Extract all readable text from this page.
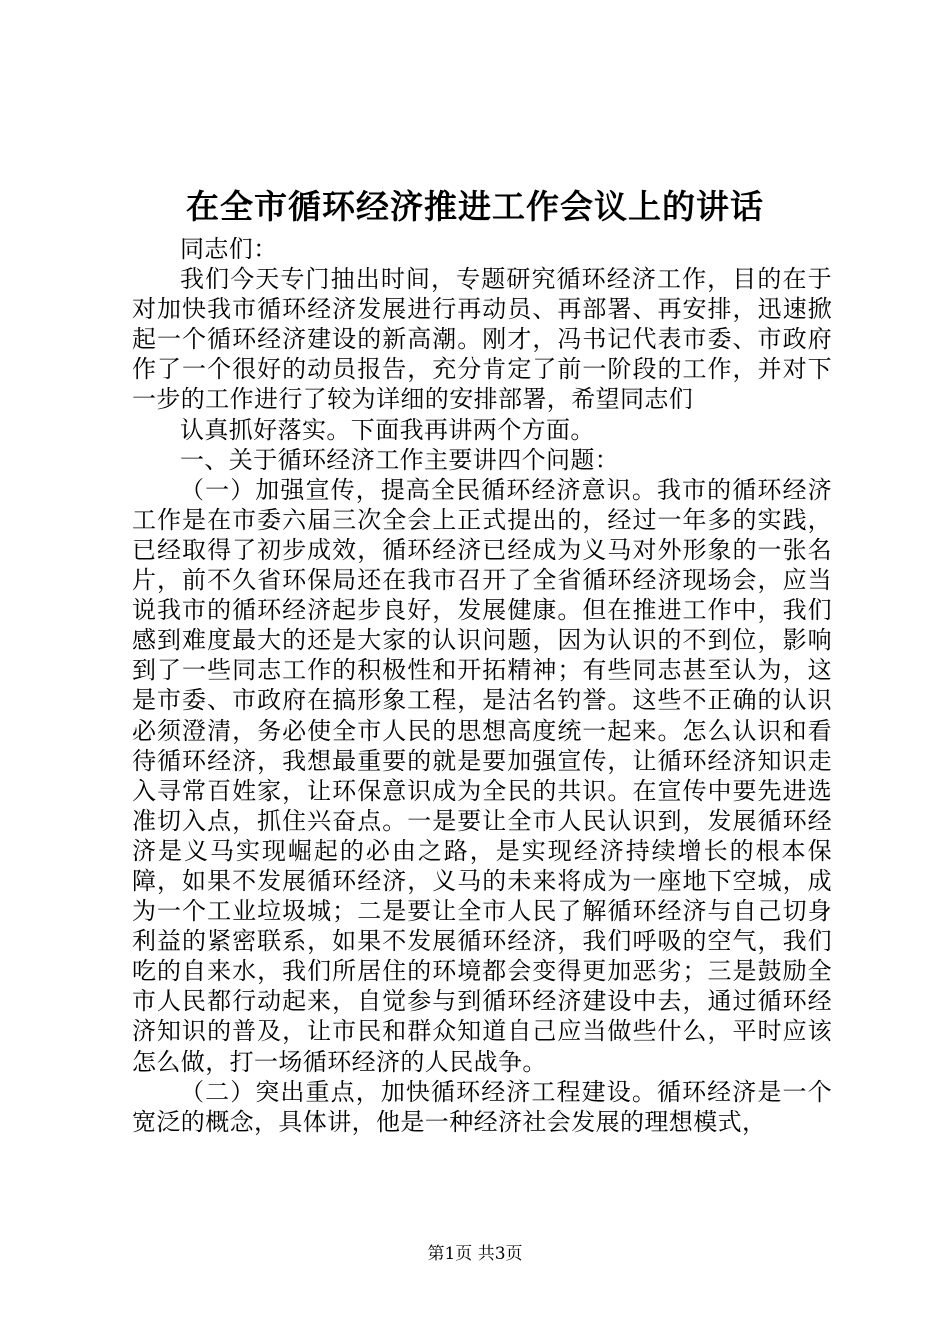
在全市循环经济推进工作会议上的讲话

同志们：

我们今天专门抽出时间，专题研究循环经济工作，目的在于对加快我市循环经济发展进行再动员、再部署、再安排，迅速掀起一个循环经济建设的新高潮。刚才，冯书记代表市委、市政府作了一个很好的动员报告，充分肯定了前一阶段的工作，并对下一步的工作进行了较为详细的安排部署，希望同志们

认真抓好落实。下面我再讲两个方面。

一、关于循环经济工作主要讲四个问题：

（一）加强宣传，提高全民循环经济意识。我市的循环经济工作是在市委六届三次全会上正式提出的，经过一年多的实践，已经取得了初步成效，循环经济已经成为义马对外形象的一张名片，前不久省环保局还在我市召开了全省循环经济现场会，应当说我市的循环经济起步良好，发展健康。但在推进工作中，我们感到难度最大的还是大家的认识问题，因为认识的不到位，影响到了一些同志工作的积极性和开拓精神；有些同志甚至认为，这是市委、市政府在搞形象工程，是沽名钓誉。这些不正确的认识必须澄清，务必使全市人民的思想高度统一起来。怎么认识和看待循环经济，我想最重要的就是要加强宣传，让循环经济知识走入寻常百姓家，让环保意识成为全民的共识。在宣传中要先进选准切入点，抓住兴奋点。一是要让全市人民认识到，发展循环经济是义马实现崛起的必由之路，是实现经济持续增长的根本保障，如果不发展循环经济，义马的未来将成为一座地下空城，成为一个工业垃圾城；二是要让全市人民了解循环经济与自己切身利益的紧密联系，如果不发展循环经济，我们呼吸的空气，我们吃的自来水，我们所居住的环境都会变得更加恶劣；三是鼓励全市人民都行动起来，自觉参与到循环经济建设中去，通过循环经济知识的普及，让市民和群众知道自己应当做些什么，平时应该怎么做，打一场循环经济的人民战争。

（二）突出重点，加快循环经济工程建设。循环经济是一个宽泛的概念，具体讲，他是一种经济社会发展的理想模式，

第1页 共3页
